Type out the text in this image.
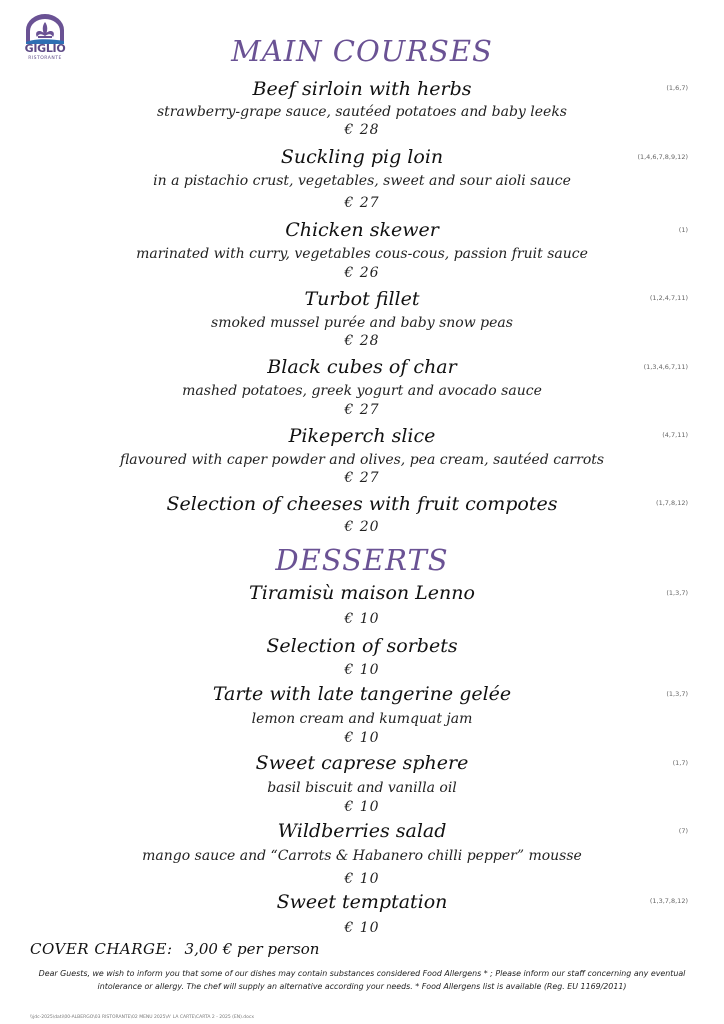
GIGLIO
RISTORANTE	MAIN COURSES
Beef sirloin with herbs	(1,6,7)
strawberry-grape sauce, sautéed potatoes and baby leeks
€ 28
Suckling pig loin	(1,4,6,7,8,9,12)
in a pistachio crust, vegetables, sweet and sour aioli sauce
€ 27
Chicken skewer	(1)
marinated with curry, vegetables cous-cous, passion fruit sauce
€ 26
Turbot fillet	(1,2,4,7,11)
smoked mussel purée and baby snow peas
€ 28
Black cubes of char	(1,3,4,6,7,11)
mashed potatoes, greek yogurt and avocado sauce
€ 27
Pikeperch slice	(4,7,11)
flavoured with caper powder and olives, pea cream, sautéed carrots
€ 27
Selection of cheeses with fruit compotes	(1,7,8,12)
€ 20
DESSERTS
Tiramisù maison Lenno	(1,3,7)
€ 10
Selection of sorbets
€ 10
Tarte with late tangerine gelée	(1,3,7)
lemon cream and kumquat jam
€ 10
Sweet caprese sphere	(1,7)
basil biscuit and vanilla oil
€ 10
Wildberries salad	(7)
mango sauce and “Carrots & Habanero chilli pepper” mousse
€ 10
Sweet temptation	(1,3,7,8,12)
€ 10
COVER CHARGE: 3,00 € per person
Dear Guests, we wish to inform you that some of our dishes may contain substances considered Food Allergens * ; Please inform our staff concerning any eventual
intolerance or allergy. The chef will supply an alternative according your needs. * Food Allergens list is available (Reg. EU 1169/2011)
\\jdc-2025\dati\00-ALBERGO\03 RISTORANTE\02 MENU 2025\A' LA CARTE\CARTA 2 - 2025 (EN).docx
